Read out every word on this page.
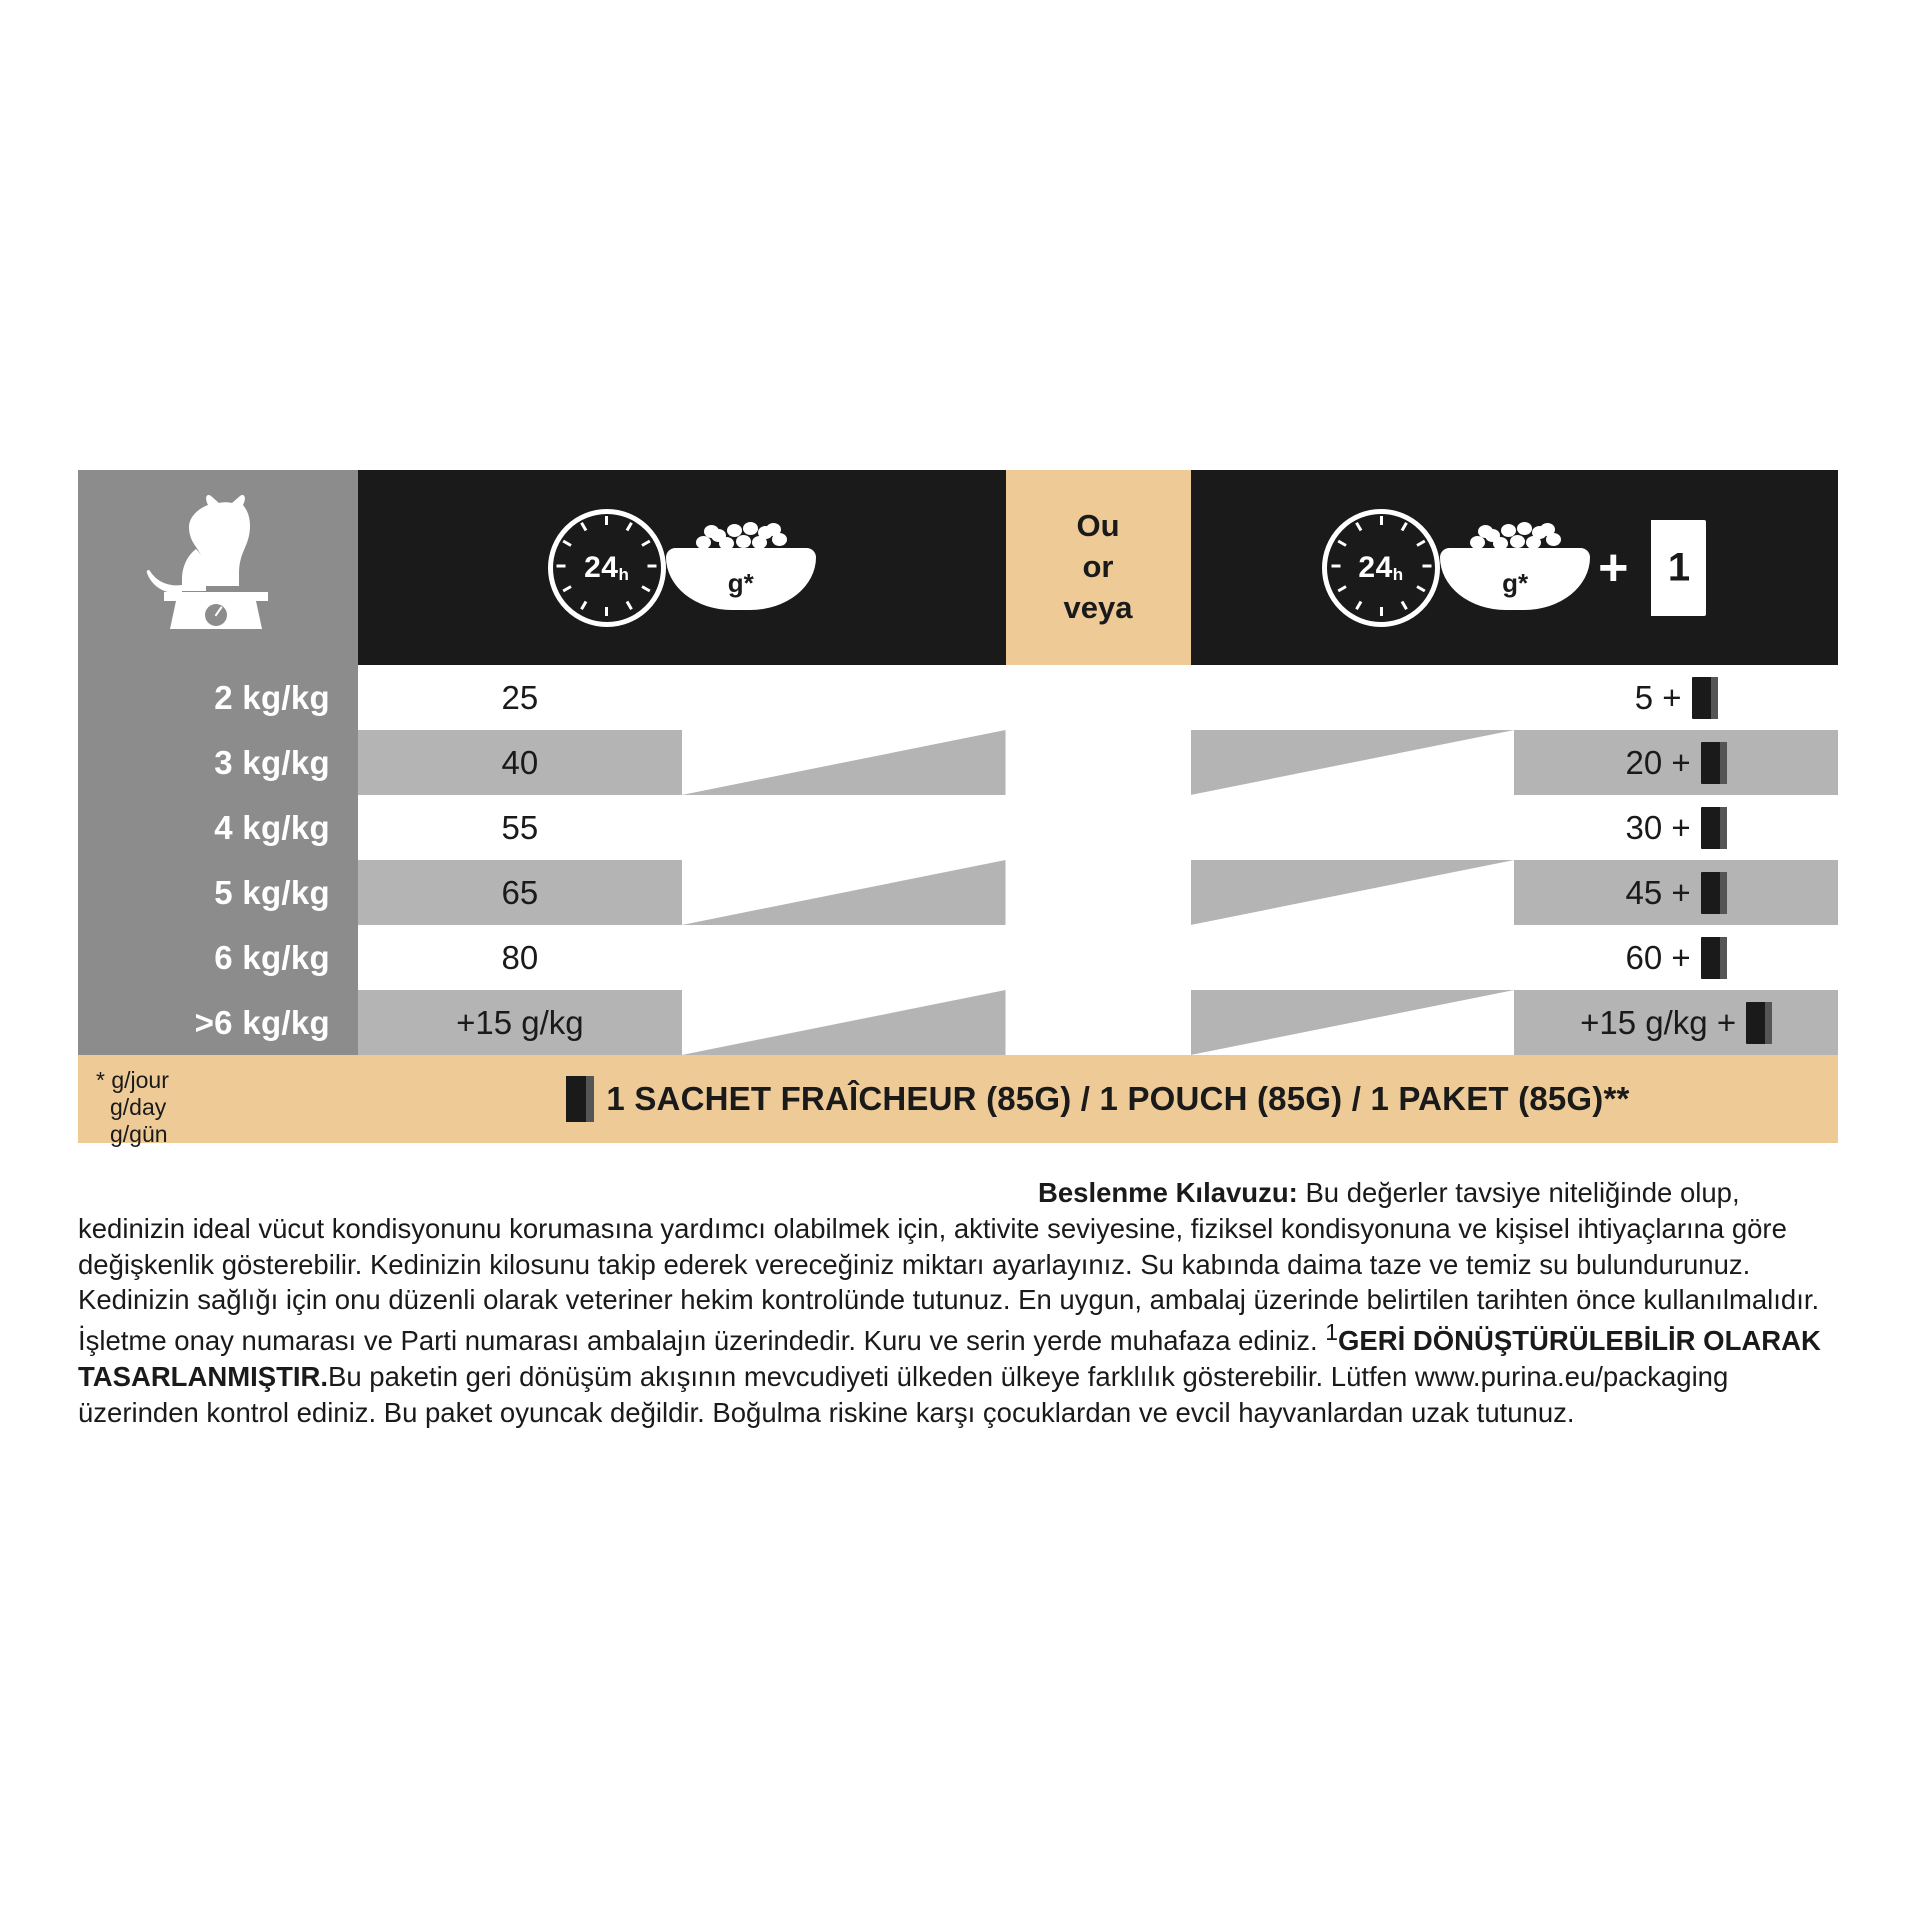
$24_h$	g*

Ou
or
veya

$24_h$	g*	+ 1

2 kg/kg	25				5 +

3 kg/kg	40				20 +

4 kg/kg	55				30 +

5 kg/kg	65				45 +

6 kg/kg	80				60 +

>6 kg/kg	+15 g/kg				+15 g/kg +
* g/jour
g/day
g/gün
1 SACHET FRAÎCHEUR (85G) / 1 POUCH (85G) / 1 PAKET (85G)**
Beslenme Kılavuzu: Bu değerler tavsiye niteliğinde olup, kedinizin ideal vücut kondisyonunu korumasına yardımcı olabilmek için, aktivite seviyesine, fiziksel kondisyonuna ve kişisel ihtiyaçlarına göre değişkenlik gösterebilir. Kedinizin kilosunu takip ederek vereceğiniz miktarı ayarlayınız. Su kabında daima taze ve temiz su bulundurunuz. Kedinizin sağlığı için onu düzenli olarak veteriner hekim kontrolünde tutunuz. En uygun, ambalaj üzerinde belirtilen tarihten önce kullanılmalıdır. İşletme onay numarası ve Parti numarası ambalajın üzerindedir. Kuru ve serin yerde muhafaza ediniz. $^1$GERİ DÖNÜŞTÜRÜLEBİLİR OLARAK TASARLANMIŞTIR.Bu paketin geri dönüşüm akışının mevcudiyeti ülkeden ülkeye farklılık gösterebilir. Lütfen www.purina.eu/packaging üzerinden kontrol ediniz. Bu paket oyuncak değildir. Boğulma riskine karşı çocuklardan ve evcil hayvanlardan uzak tutunuz.
